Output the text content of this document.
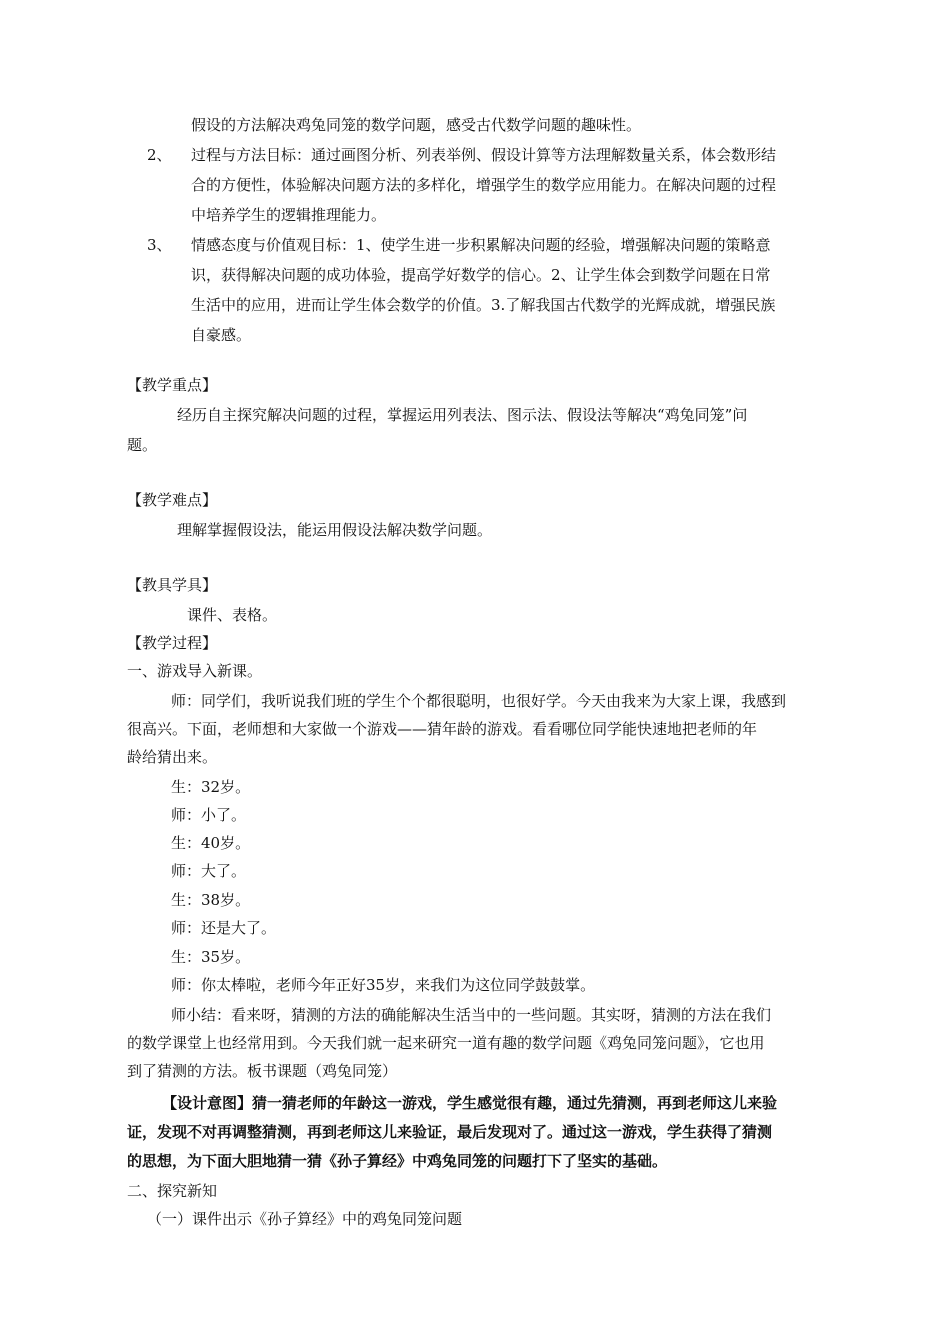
假设的方法解决鸡兔同笼的数学问题，感受古代数学问题的趣味性。
2、 过程与方法目标：通过画图分析、列表举例、假设计算等方法理解数量关系，体会数形结
合的方便性，体验解决问题方法的多样化，增强学生的数学应用能力。在解决问题的过程
中培养学生的逻辑推理能力。
3、 情感态度与价值观目标：1、使学生进一步积累解决问题的经验，增强解决问题的策略意
识，获得解决问题的成功体验，提高学好数学的信心。2、让学生体会到数学问题在日常
生活中的应用，进而让学生体会数学的价值。3.了解我国古代数学的光辉成就，增强民族
自豪感。
【教学重点】
经历自主探究解决问题的过程，掌握运用列表法、图示法、假设法等解决“鸡兔同笼”问
题。
【教学难点】
理解掌握假设法，能运用假设法解决数学问题。
【教具学具】
课件、表格。
【教学过程】
一、游戏导入新课。
师：同学们，我听说我们班的学生个个都很聪明，也很好学。今天由我来为大家上课，我感到
很高兴。下面，老师想和大家做一个游戏——猜年龄的游戏。看看哪位同学能快速地把老师的年
龄给猜出来。
生：32岁。
师：小了。
生：40岁。
师：大了。
生：38岁。
师：还是大了。
生：35岁。
师：你太棒啦，老师今年正好35岁，来我们为这位同学鼓鼓掌。
师小结：看来呀，猜测的方法的确能解决生活当中的一些问题。其实呀，猜测的方法在我们
的数学课堂上也经常用到。今天我们就一起来研究一道有趣的数学问题《鸡兔同笼问题》，它也用
到了猜测的方法。板书课题（鸡兔同笼）
【设计意图】猜一猜老师的年龄这一游戏，学生感觉很有趣，通过先猜测，再到老师这儿来验
证，发现不对再调整猜测，再到老师这儿来验证，最后发现对了。通过这一游戏，学生获得了猜测
的思想，为下面大胆地猜一猜《孙子算经》中鸡兔同笼的问题打下了坚实的基础。
二、探究新知
（一）课件出示《孙子算经》中的鸡兔同笼问题
